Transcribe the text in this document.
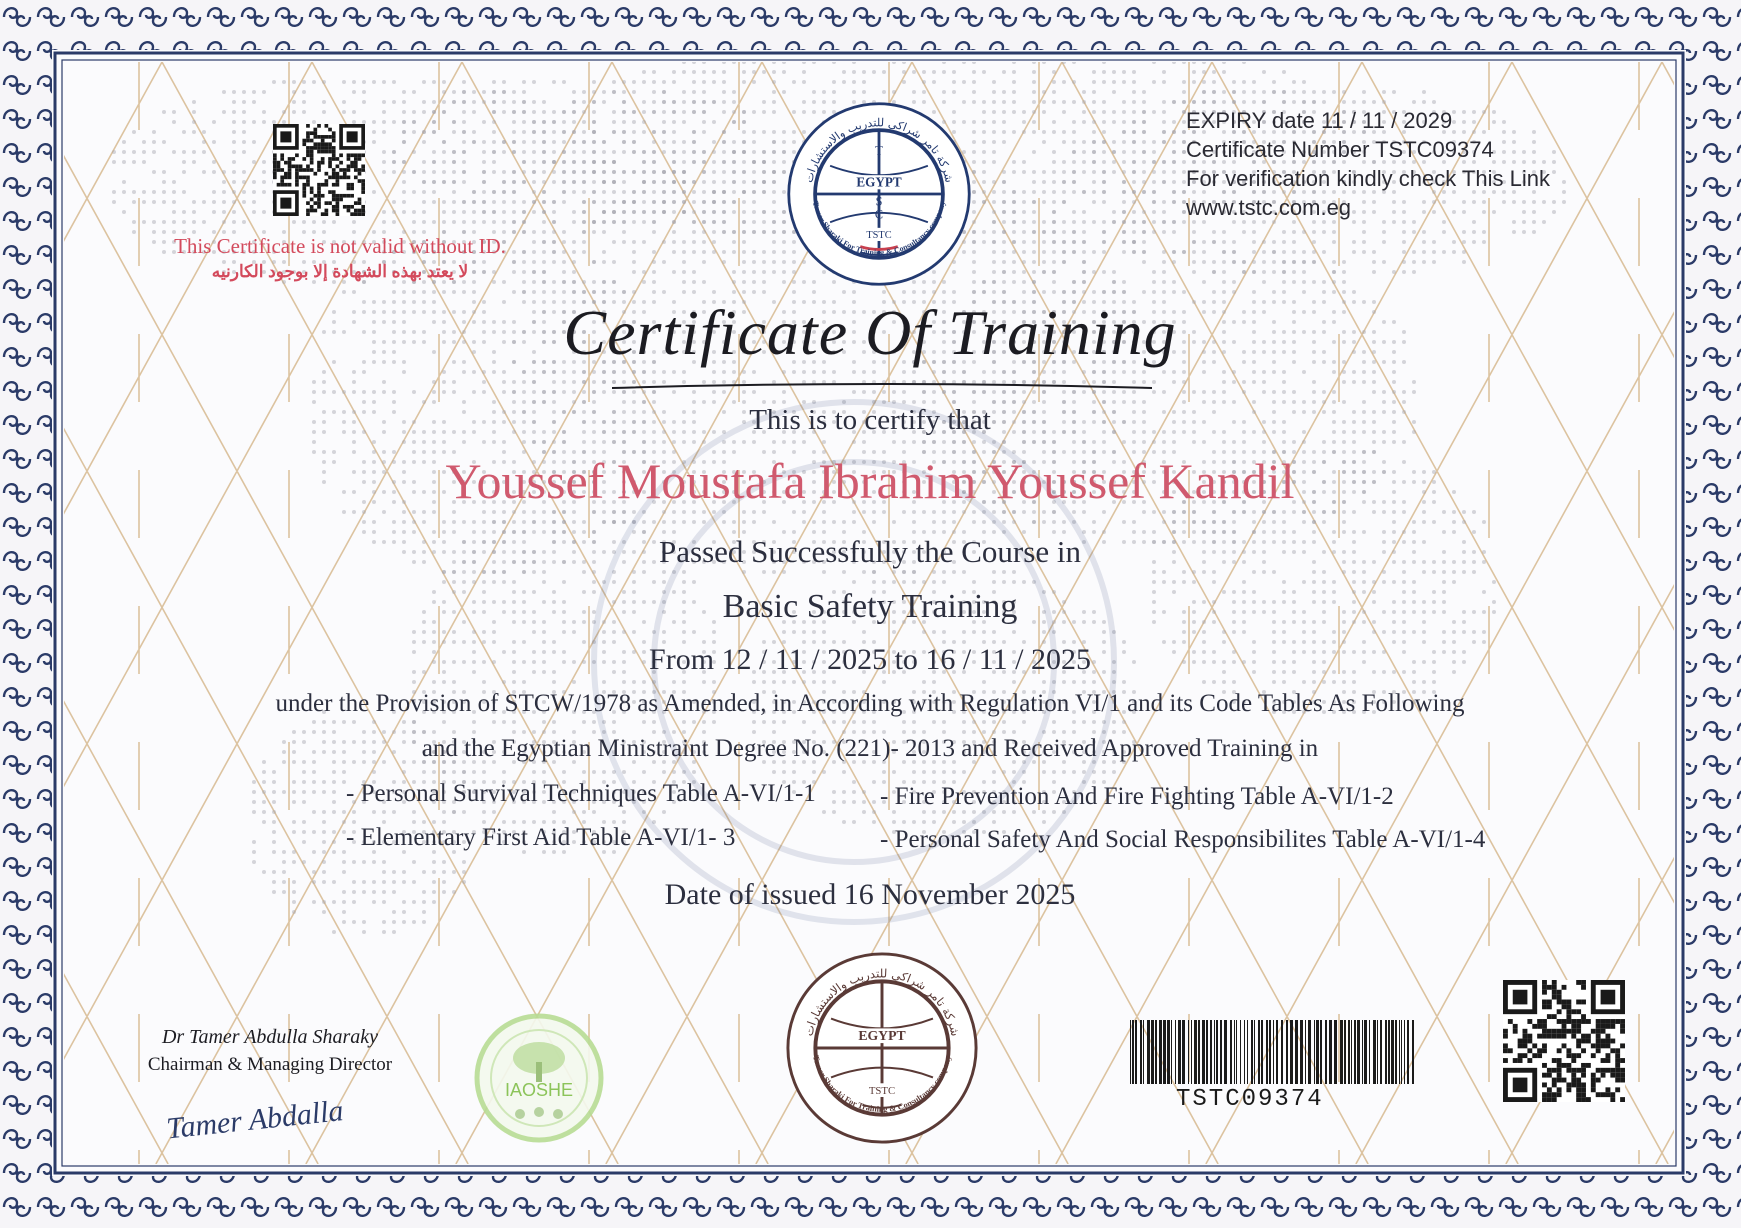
This Certificate is not valid without ID.
لا يعتد بهذه الشهادة إلا بوجود الكارنيه
EGYPT
T
S
C
TSTC
شركة تامر شراكي للتدريب والاستشارات
Tamer Sharaki For Training & Consultancy company
EXPIRY date 11 / 11 / 2029
Certificate Number TSTC09374
For verification kindly check This Link
www.tstc.com.eg
Certificate Of Training
This is to certify that
Youssef Moustafa Ibrahim Youssef Kandil
Passed Successfully the Course in
Basic Safety Training
From 12 / 11 / 2025 to 16 / 11 / 2025
under the Provision of STCW/1978 as Amended, in According with Regulation VI/1 and its Code Tables As Following
and the Egyptian Ministraint Degree No. (221)- 2013 and Received Approved Training in
- Personal Survival Techniques Table A-VI/1-1	- Fire Prevention And Fire Fighting Table A-VI/1-2
- Elementary First Aid Table A-VI/1- 3	- Personal Safety And Social Responsibilites Table A-VI/1-4
Date of issued 16 November 2025
EGYPT
TSTC
شركة تامر شراكي للتدريب والاستشارات
Tamer Sharaki For Training & Consultancy company
IAOSHE
Dr Tamer Abdulla Sharaky
Chairman & Managing Director
Tamer Abdalla	TSTC09374
